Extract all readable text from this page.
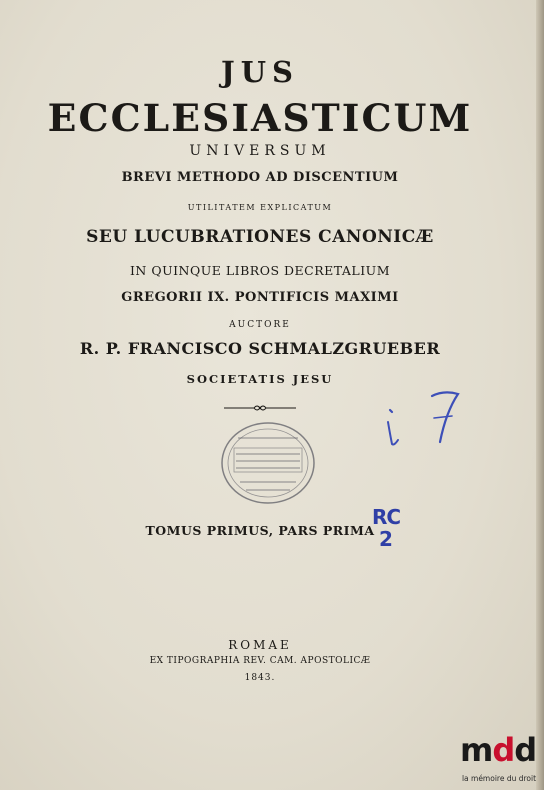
JUS
ECCLESIASTICUM
UNIVERSUM
BREVI METHODO AD DISCENTIUM
UTILITATEM EXPLICATUM
SEU LUCUBRATIONES CANONICÆ
IN QUINQUE LIBROS DECRETALIUM
GREGORII IX. PONTIFICIS MAXIMI
AUCTORE
R. P. FRANCISCO SCHMALZGRUEBER
SOCIETATIS JESU
TOMUS PRIMUS, PARS PRIMA
RC
2
ROMAE
EX TIPOGRAPHIA REV. CAM. APOSTOLICÆ
1843.
mdd
la mémoire du droit
